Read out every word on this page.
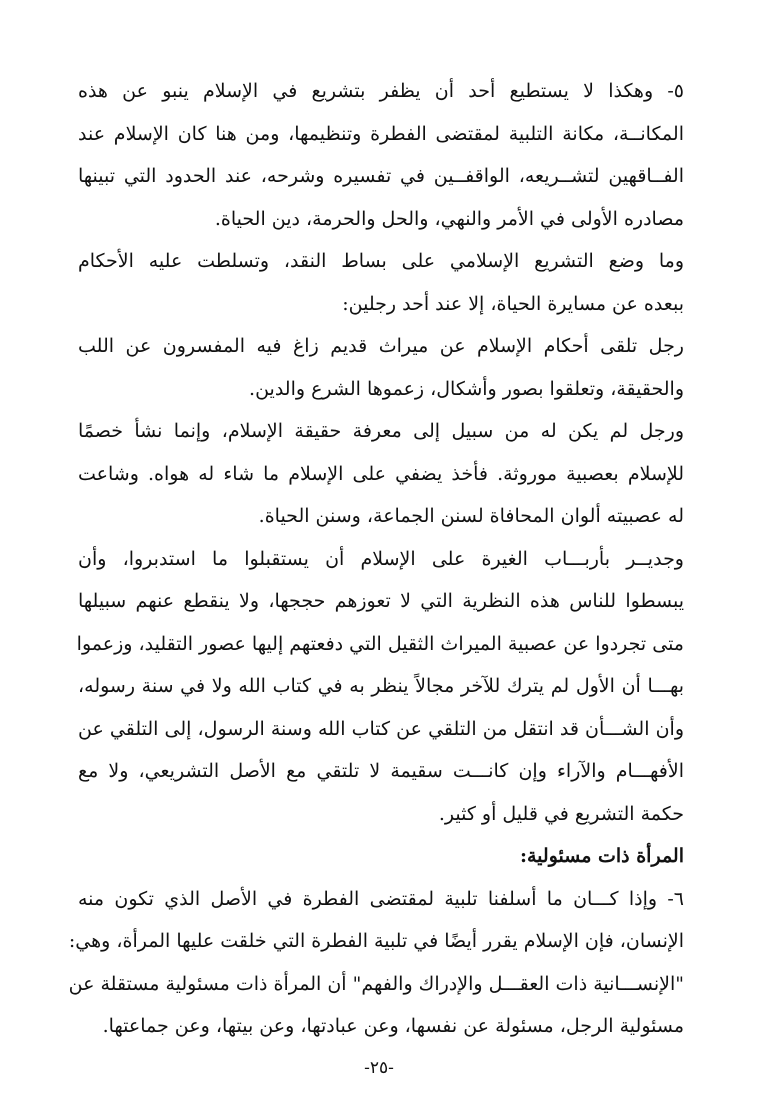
٥- وهكذا لا يستطيع أحد أن يظفر بتشريع في الإسلام ينبو عن هذه
المكانــة، مكانة التلبية لمقتضى الفطرة وتنظيمها، ومن هنا كان الإسلام عند
الفــاقهين لتشــريعه، الواقفــين في تفسيره وشرحه، عند الحدود التي تبينها
مصادره الأولى في الأمر والنهي، والحل والحرمة، دين الحياة.
وما وضع التشريع الإسلامي على بساط النقد، وتسلطت عليه الأحكام
ببعده عن مسايرة الحياة، إلا عند أحد رجلين:
رجل تلقى أحكام الإسلام عن ميراث قديم زاغ فيه المفسرون عن اللب
والحقيقة، وتعلقوا بصور وأشكال، زعموها الشرع والدين.
ورجل لم يكن له من سبيل إلى معرفة حقيقة الإسلام، وإنما نشأ خصمًا
للإسلام بعصبية موروثة. فأخذ يضفي على الإسلام ما شاء له هواه. وشاعت
له عصبيته ألوان المحافاة لسنن الجماعة، وسنن الحياة.
وجديــر بأربـــاب الغيرة على الإسلام أن يستقبلوا ما استدبروا، وأن
يبسطوا للناس هذه النظرية التي لا تعوزهم حججها، ولا ينقطع عنهم سبيلها
متى تجردوا عن عصبية الميراث الثقيل التي دفعتهم إليها عصور التقليد، وزعموا
بهـــا أن الأول لم يترك للآخر مجالاً ينظر به في كتاب الله ولا في سنة رسوله،
وأن الشـــأن قد انتقل من التلقي عن كتاب الله وسنة الرسول، إلى التلقي عن
الأفهـــام والآراء وإن كانـــت سقيمة لا تلتقي مع الأصل التشريعي، ولا مع
حكمة التشريع في قليل أو كثير.
المرأة ذات مسئولية:
٦- وإذا كـــان ما أسلفنا تلبية لمقتضى الفطرة في الأصل الذي تكون منه
الإنسان، فإن الإسلام يقرر أيضًا في تلبية الفطرة التي خلقت عليها المرأة، وهي:
"الإنســـانية ذات العقـــل والإدراك والفهم" أن المرأة ذات مسئولية مستقلة عن
مسئولية الرجل، مسئولة عن نفسها، وعن عبادتها، وعن بيتها، وعن جماعتها.
-٢٥-
